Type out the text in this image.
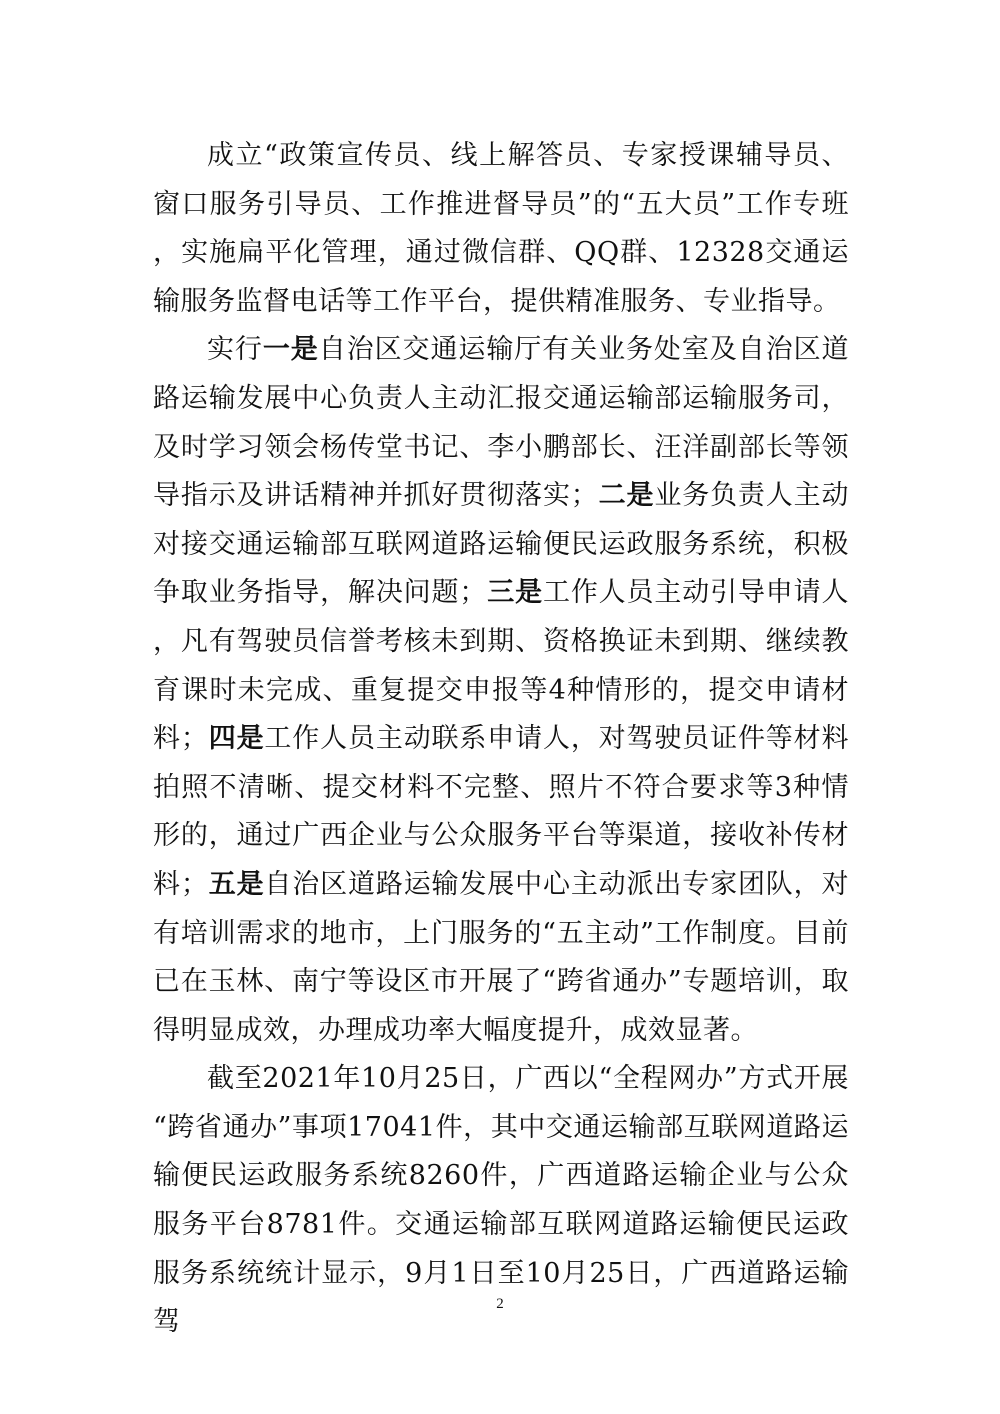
成立“政策宣传员、线上解答员、专家授课辅导员、窗口服务引导员、工作推进督导员”的“五大员”工作专班，实施扁平化管理，通过微信群、QQ群、12328交通运输服务监督电话等工作平台，提供精准服务、专业指导。

实行一是自治区交通运输厅有关业务处室及自治区道路运输发展中心负责人主动汇报交通运输部运输服务司，及时学习领会杨传堂书记、李小鹏部长、汪洋副部长等领导指示及讲话精神并抓好贯彻落实；二是业务负责人主动对接交通运输部互联网道路运输便民运政服务系统，积极争取业务指导，解决问题；三是工作人员主动引导申请人，凡有驾驶员信誉考核未到期、资格换证未到期、继续教育课时未完成、重复提交申报等4种情形的，提交申请材料；四是工作人员主动联系申请人，对驾驶员证件等材料拍照不清晰、提交材料不完整、照片不符合要求等3种情形的，通过广西企业与公众服务平台等渠道，接收补传材料；五是自治区道路运输发展中心主动派出专家团队，对有培训需求的地市，上门服务的“五主动”工作制度。目前已在玉林、南宁等设区市开展了“跨省通办”专题培训，取得明显成效，办理成功率大幅度提升，成效显著。

截至2021年10月25日，广西以“全程网办”方式开展“跨省通办”事项17041件，其中交通运输部互联网道路运输便民运政服务系统8260件，广西道路运输企业与公众服务平台8781件。交通运输部互联网道路运输便民运政服务系统统计显示，9月1日至10月25日，广西道路运输驾

2
